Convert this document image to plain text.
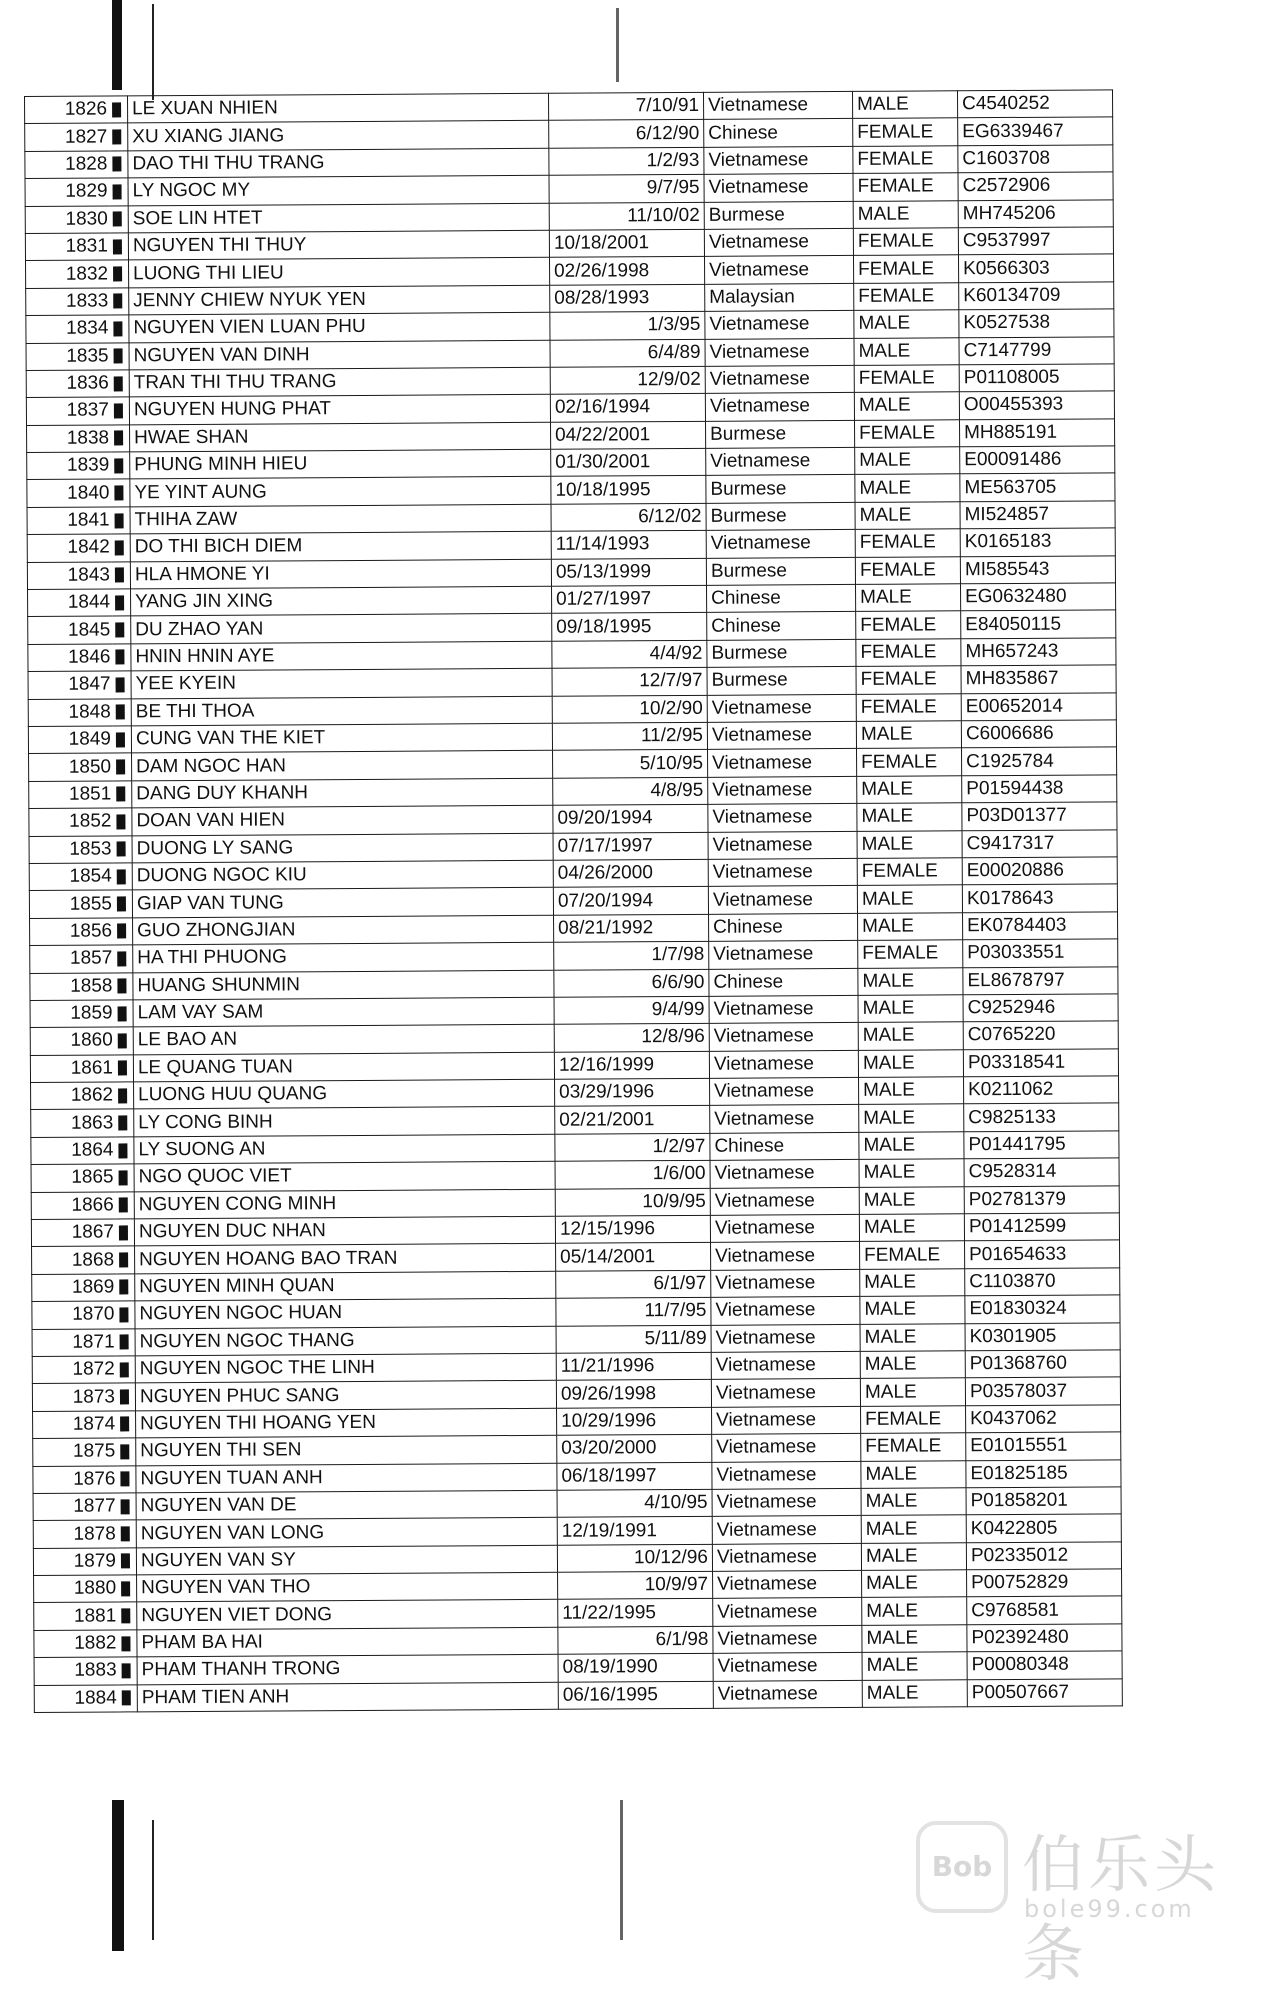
1826		LE XUAN NHIEN	7/10/91	Vietnamese	MALE	C4540252
1827		XU XIANG JIANG	6/12/90	Chinese	FEMALE	EG6339467
1828		DAO THI THU TRANG	1/2/93	Vietnamese	FEMALE	C1603708
1829		LY NGOC MY	9/7/95	Vietnamese	FEMALE	C2572906
1830		SOE LIN HTET	11/10/02	Burmese	MALE	MH745206
1831		NGUYEN THI THUY	10/18/2001	Vietnamese	FEMALE	C9537997
1832		LUONG THI LIEU	02/26/1998	Vietnamese	FEMALE	K0566303
1833		JENNY CHIEW NYUK YEN	08/28/1993	Malaysian	FEMALE	K60134709
1834		NGUYEN VIEN LUAN PHU	1/3/95	Vietnamese	MALE	K0527538
1835		NGUYEN VAN DINH	6/4/89	Vietnamese	MALE	C7147799
1836		TRAN THI THU TRANG	12/9/02	Vietnamese	FEMALE	P01108005
1837		NGUYEN HUNG PHAT	02/16/1994	Vietnamese	MALE	O00455393
1838		HWAE SHAN	04/22/2001	Burmese	FEMALE	MH885191
1839		PHUNG MINH HIEU	01/30/2001	Vietnamese	MALE	E00091486
1840		YE YINT AUNG	10/18/1995	Burmese	MALE	ME563705
1841		THIHA ZAW	6/12/02	Burmese	MALE	MI524857
1842		DO THI BICH DIEM	11/14/1993	Vietnamese	FEMALE	K0165183
1843		HLA HMONE YI	05/13/1999	Burmese	FEMALE	MI585543
1844		YANG JIN XING	01/27/1997	Chinese	MALE	EG0632480
1845		DU ZHAO YAN	09/18/1995	Chinese	FEMALE	E84050115
1846		HNIN HNIN AYE	4/4/92	Burmese	FEMALE	MH657243
1847		YEE KYEIN	12/7/97	Burmese	FEMALE	MH835867
1848		BE THI THOA	10/2/90	Vietnamese	FEMALE	E00652014
1849		CUNG VAN THE KIET	11/2/95	Vietnamese	MALE	C6006686
1850		DAM NGOC HAN	5/10/95	Vietnamese	FEMALE	C1925784
1851		DANG DUY KHANH	4/8/95	Vietnamese	MALE	P01594438
1852		DOAN VAN HIEN	09/20/1994	Vietnamese	MALE	P03D01377
1853		DUONG LY SANG	07/17/1997	Vietnamese	MALE	C9417317
1854		DUONG NGOC KIU	04/26/2000	Vietnamese	FEMALE	E00020886
1855		GIAP VAN TUNG	07/20/1994	Vietnamese	MALE	K0178643
1856		GUO ZHONGJIAN	08/21/1992	Chinese	MALE	EK0784403
1857		HA THI PHUONG	1/7/98	Vietnamese	FEMALE	P03033551
1858		HUANG SHUNMIN	6/6/90	Chinese	MALE	EL8678797
1859		LAM VAY SAM	9/4/99	Vietnamese	MALE	C9252946
1860		LE BAO AN	12/8/96	Vietnamese	MALE	C0765220
1861		LE QUANG TUAN	12/16/1999	Vietnamese	MALE	P03318541
1862		LUONG HUU QUANG	03/29/1996	Vietnamese	MALE	K0211062
1863		LY CONG BINH	02/21/2001	Vietnamese	MALE	C9825133
1864		LY SUONG AN	1/2/97	Chinese	MALE	P01441795
1865		NGO QUOC VIET	1/6/00	Vietnamese	MALE	C9528314
1866		NGUYEN CONG MINH	10/9/95	Vietnamese	MALE	P02781379
1867		NGUYEN DUC NHAN	12/15/1996	Vietnamese	MALE	P01412599
1868		NGUYEN HOANG BAO TRAN	05/14/2001	Vietnamese	FEMALE	P01654633
1869		NGUYEN MINH QUAN	6/1/97	Vietnamese	MALE	C1103870
1870		NGUYEN NGOC HUAN	11/7/95	Vietnamese	MALE	E01830324
1871		NGUYEN NGOC THANG	5/11/89	Vietnamese	MALE	K0301905
1872		NGUYEN NGOC THE LINH	11/21/1996	Vietnamese	MALE	P01368760
1873		NGUYEN PHUC SANG	09/26/1998	Vietnamese	MALE	P03578037
1874		NGUYEN THI HOANG YEN	10/29/1996	Vietnamese	FEMALE	K0437062
1875		NGUYEN THI SEN	03/20/2000	Vietnamese	FEMALE	E01015551
1876		NGUYEN TUAN ANH	06/18/1997	Vietnamese	MALE	E01825185
1877		NGUYEN VAN DE	4/10/95	Vietnamese	MALE	P01858201
1878		NGUYEN VAN LONG	12/19/1991	Vietnamese	MALE	K0422805
1879		NGUYEN VAN SY	10/12/96	Vietnamese	MALE	P02335012
1880		NGUYEN VAN THO	10/9/97	Vietnamese	MALE	P00752829
1881		NGUYEN VIET DONG	11/22/1995	Vietnamese	MALE	C9768581
1882		PHAM BA HAI	6/1/98	Vietnamese	MALE	P02392480
1883		PHAM THANH TRONG	08/19/1990	Vietnamese	MALE	P00080348
1884		PHAM TIEN ANH	06/16/1995	Vietnamese	MALE	P00507667
Bob 伯乐头条
bole99.com
